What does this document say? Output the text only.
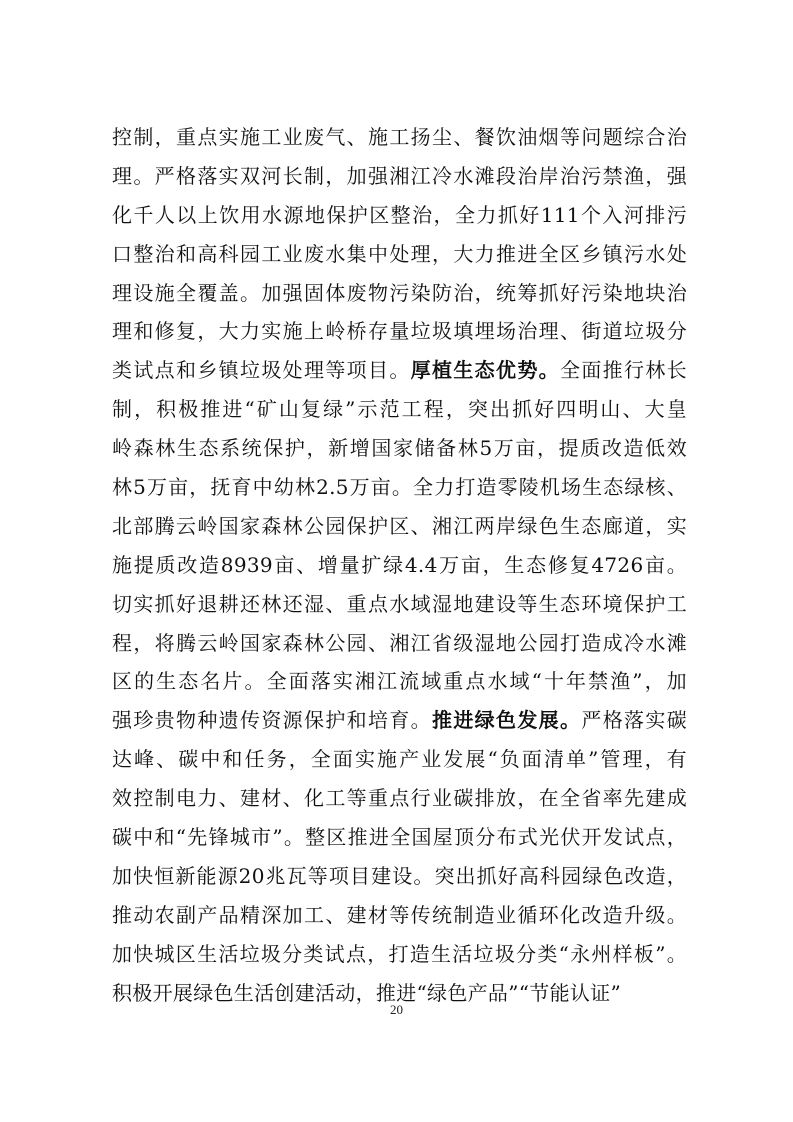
控制，重点实施工业废气、施工扬尘、餐饮油烟等问题综合治
理。严格落实双河长制，加强湘江冷水滩段治岸治污禁渔，强
化千人以上饮用水源地保护区整治，全力抓好111个入河排污
口整治和高科园工业废水集中处理，大力推进全区乡镇污水处
理设施全覆盖。加强固体废物污染防治，统筹抓好污染地块治
理和修复，大力实施上岭桥存量垃圾填埋场治理、街道垃圾分
类试点和乡镇垃圾处理等项目。厚植生态优势。全面推行林长
制，积极推进“矿山复绿”示范工程，突出抓好四明山、大皇
岭森林生态系统保护，新增国家储备林5万亩，提质改造低效
林5万亩，抚育中幼林2.5万亩。全力打造零陵机场生态绿核、
北部腾云岭国家森林公园保护区、湘江两岸绿色生态廊道，实
施提质改造8939亩、增量扩绿4.4万亩，生态修复4726亩。
切实抓好退耕还林还湿、重点水域湿地建设等生态环境保护工
程，将腾云岭国家森林公园、湘江省级湿地公园打造成冷水滩
区的生态名片。全面落实湘江流域重点水域“十年禁渔”，加
强珍贵物种遗传资源保护和培育。推进绿色发展。严格落实碳
达峰、碳中和任务，全面实施产业发展“负面清单”管理，有
效控制电力、建材、化工等重点行业碳排放，在全省率先建成
碳中和“先锋城市”。整区推进全国屋顶分布式光伏开发试点，
加快恒新能源20兆瓦等项目建设。突出抓好高科园绿色改造，
推动农副产品精深加工、建材等传统制造业循环化改造升级。
加快城区生活垃圾分类试点，打造生活垃圾分类“永州样板”。
积极开展绿色生活创建活动，推进“绿色产品”“节能认证”
20
